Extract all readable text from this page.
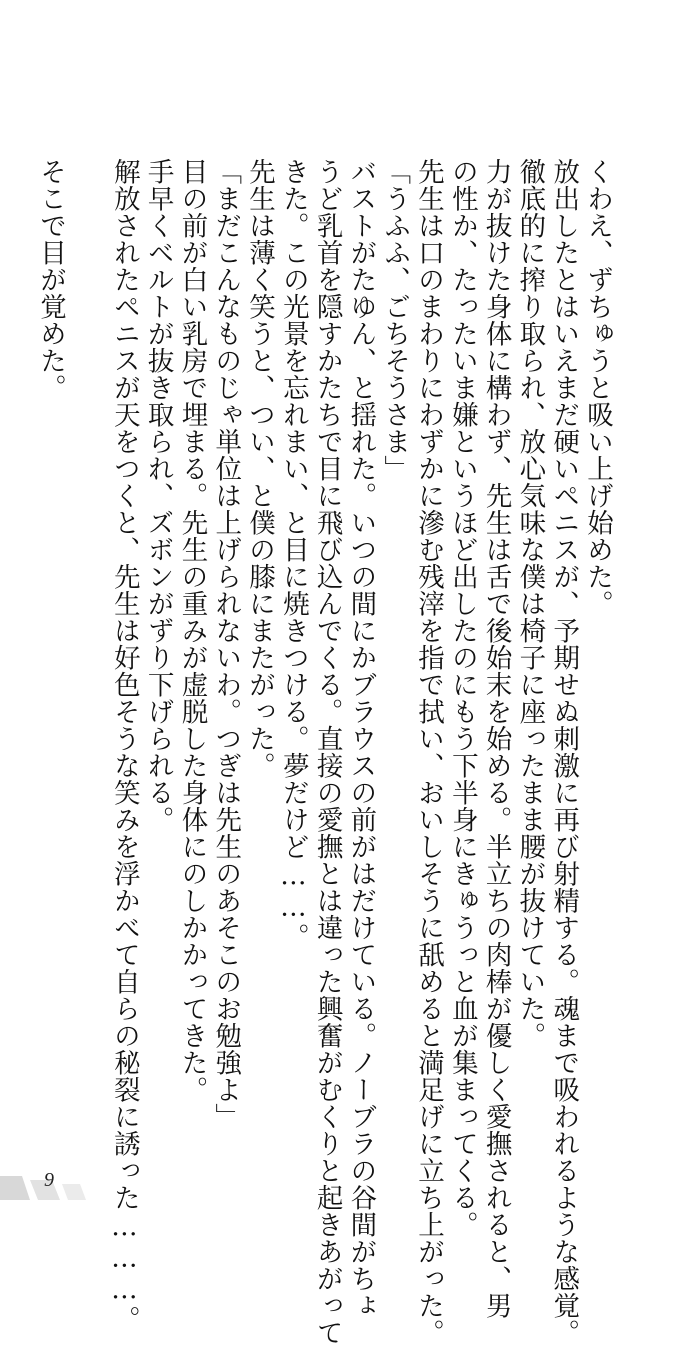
くわえ、ずちゅうと吸い上げ始めた。
放出したとはいえまだ硬いペニスが、予期せぬ刺激に再び射精する。魂まで吸われるような感覚。
徹底的に搾り取られ、放心気味な僕は椅子に座ったまま腰が抜けていた。
力が抜けた身体に構わず、先生は舌で後始末を始める。半立ちの肉棒が優しく愛撫されると、男
の性か、たったいま嫌というほど出したのにもう下半身にきゅうっと血が集まってくる。
先生は口のまわりにわずかに滲む残滓を指で拭い、おいしそうに舐めると満足げに立ち上がった。
「うふふ、ごちそうさま」
バストがたゆん、と揺れた。いつの間にかブラウスの前がはだけている。ノーブラの谷間がちょ
うど乳首を隠すかたちで目に飛び込んでくる。直接の愛撫とは違った興奮がむくりと起きあがって
きた。この光景を忘れまい、と目に焼きつける。夢だけど……。
先生は薄く笑うと、つい、と僕の膝にまたがった。
「まだこんなものじゃ単位は上げられないわ。つぎは先生のあそこのお勉強よ」
目の前が白い乳房で埋まる。先生の重みが虚脱した身体にのしかかってきた。
手早くベルトが抜き取られ、ズボンがずり下げられる。
解放されたペニスが天をつくと、先生は好色そうな笑みを浮かべて自らの秘裂に誘った………。
そこで目が覚めた。
9
